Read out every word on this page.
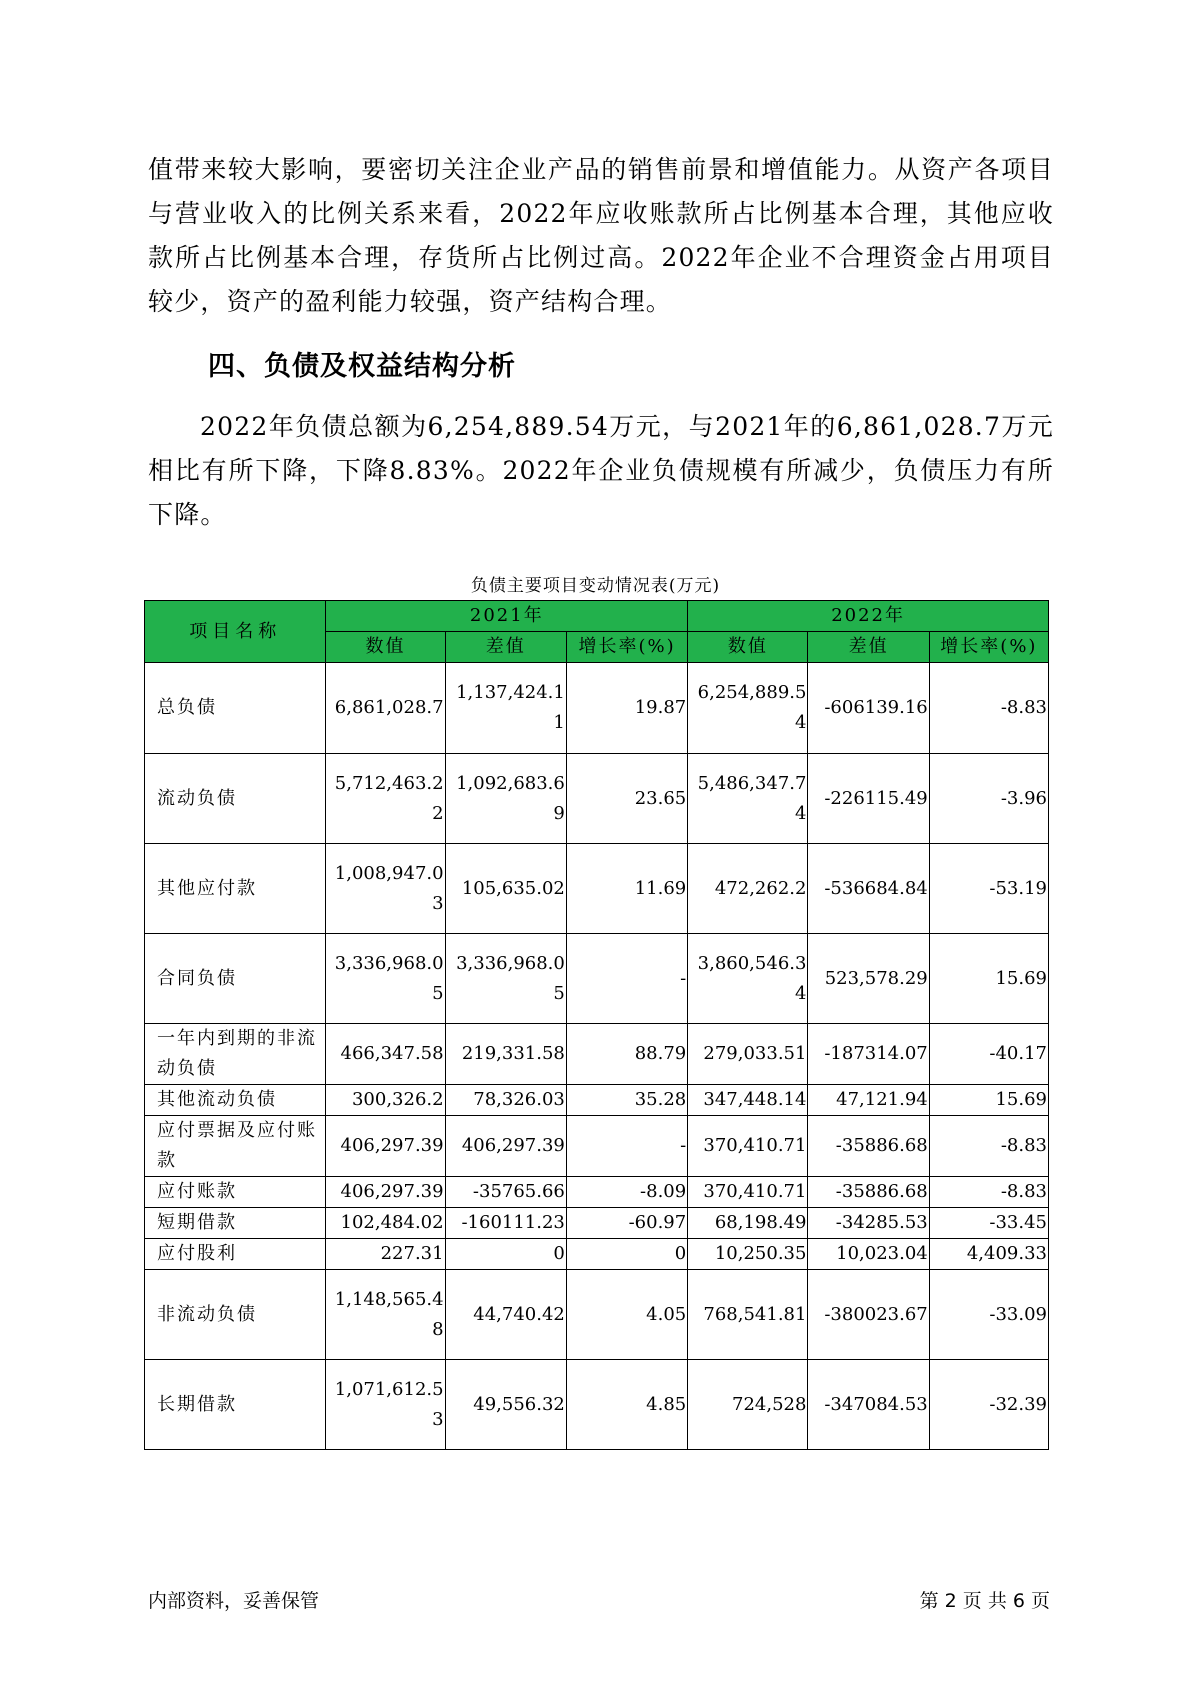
值带来较大影响，要密切关注企业产品的销售前景和增值能力。从资产各项目与营业收入的比例关系来看，2022年应收账款所占比例基本合理，其他应收款所占比例基本合理，存货所占比例过高。2022年企业不合理资金占用项目较少，资产的盈利能力较强，资产结构合理。

四、负债及权益结构分析

2022年负债总额为6,254,889.54万元，与2021年的6,861,028.7万元相比有所下降，下降8.83%。2022年企业负债规模有所减少，负债压力有所下降。

负债主要项目变动情况表(万元)
项目名称	2021年			2022年		
	数值	差值	增长率(%)	数值	差值	增长率(%)
总负债	6,861,028.7	1,137,424.11	19.87	6,254,889.54	-606139.16	-8.83
流动负债	5,712,463.22	1,092,683.69	23.65	5,486,347.74	-226115.49	-3.96
其他应付款	1,008,947.03	105,635.02	11.69	472,262.2	-536684.84	-53.19
合同负债	3,336,968.05	3,336,968.05	-	3,860,546.34	523,578.29	15.69
一年内到期的非流动负债	466,347.58	219,331.58	88.79	279,033.51	-187314.07	-40.17
其他流动负债	300,326.2	78,326.03	35.28	347,448.14	47,121.94	15.69
应付票据及应付账款	406,297.39	406,297.39	-	370,410.71	-35886.68	-8.83
应付账款	406,297.39	-35765.66	-8.09	370,410.71	-35886.68	-8.83
短期借款	102,484.02	-160111.23	-60.97	68,198.49	-34285.53	-33.45
应付股利	227.31	0	0	10,250.35	10,023.04	4,409.33
非流动负债	1,148,565.48	44,740.42	4.05	768,541.81	-380023.67	-33.09
长期借款	1,071,612.53	49,556.32	4.85	724,528	-347084.53	-32.39
内部资料，妥善保管	第 2 页 共 6 页
